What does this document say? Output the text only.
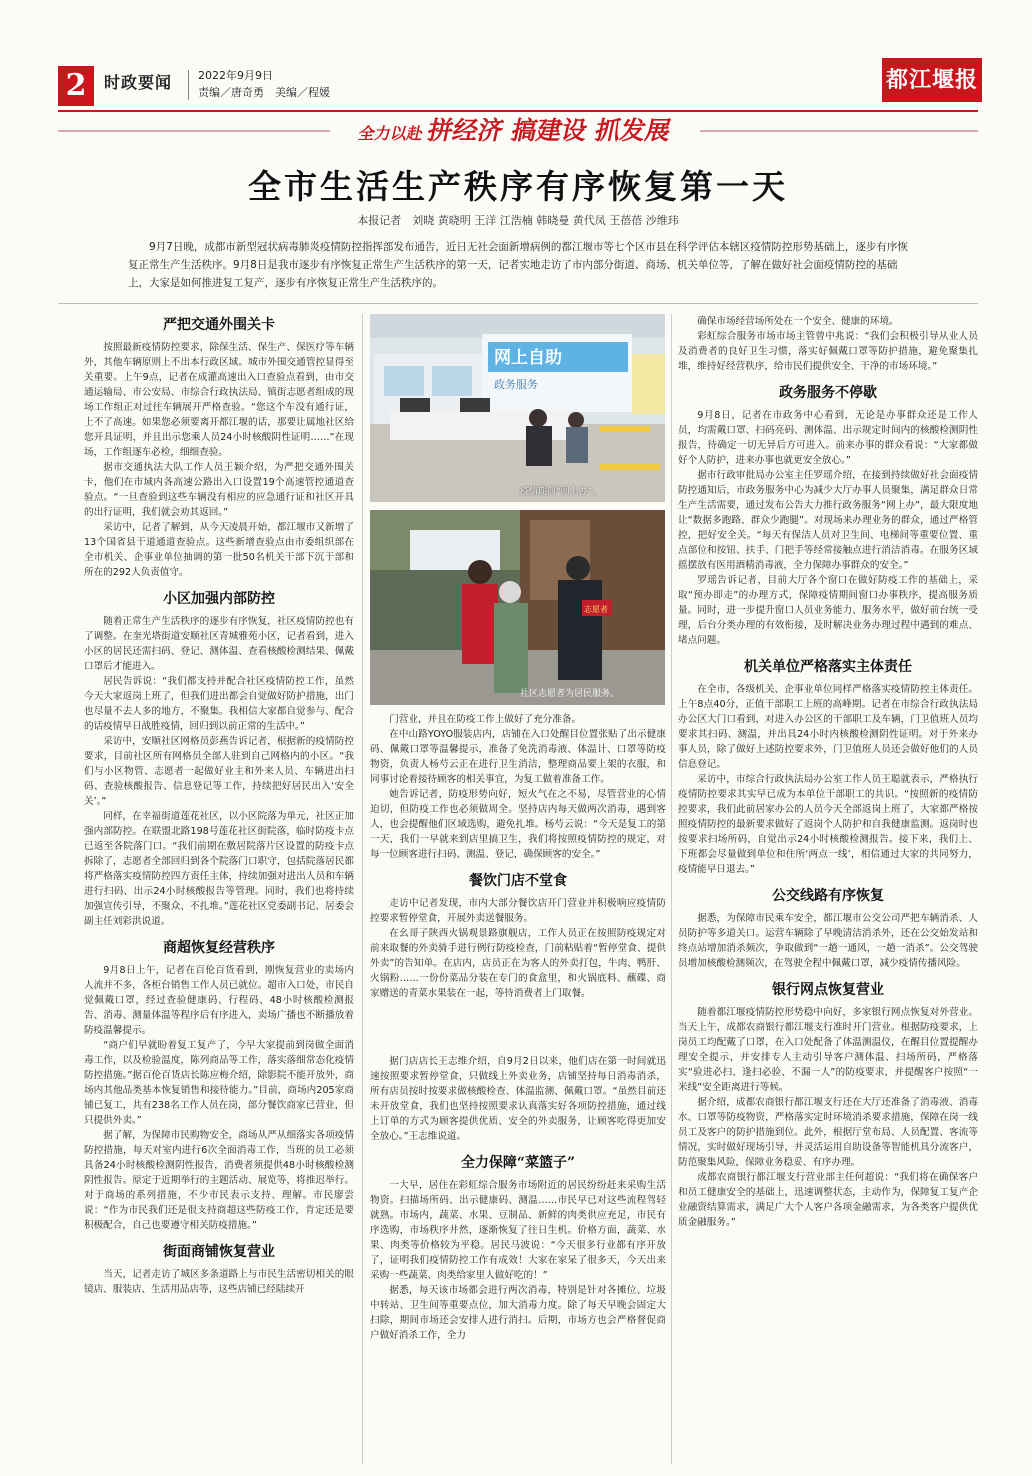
2	时政要闻 2022年9月9日
责编／唐奇勇　美编／程媛	都江堰报
全力以赴 拼经济 搞建设 抓发展
全市生活生产秩序有序恢复第一天
本报记者　刘晓 黄晓明 王洋 江浩楠 韩晓曼 黄代凤 王蓓蓓 沙维玮
9月7日晚，成都市新型冠状病毒肺炎疫情防控指挥部发布通告，近日无社会面新增病例的都江堰市等七个区市县在科学评估本辖区疫情防控形势基础上，逐步有序恢复正常生产生活秩序。9月8日是我市逐步有序恢复正常生产生活秩序的第一天，记者实地走访了市内部分街道、商场、机关单位等，了解在做好社会面疫情防控的基础上，大家是如何推进复工复产，逐步有序恢复正常生产生活秩序的。
网上自助
政务服务
疫情期间“网上办”。
志愿者
社区志愿者为居民服务。
严把交通外围关卡

按照最新疫情防控要求，除保生活、保生产、保医疗等车辆外，其他车辆原则上不出本行政区域。城市外围交通管控显得至关重要。上午9点，记者在成灌高速出入口查验点看到，由市交通运输局、市公安局、市综合行政执法局、镇街志愿者组成的现场工作组正对过往车辆展开严格查验。“您这个车没有通行证，上不了高速。如果您必须要离开都江堰的话，那要让属地社区给您开具证明，并且出示您乘人员24小时核酸阴性证明……”在现场，工作组逐车必检，细细查验。

据市交通执法大队工作人员王颖介绍，为严把交通外围关卡，他们在市域内各高速公路出入口设置19个高速管控通道查验点。“一旦查验到这些车辆没有相应的应急通行证和社区开具的出行证明，我们就会劝其返回。”

采访中，记者了解到，从今天凌晨开始，都江堰市又新增了13个国省县干道通道查验点。这些新增查验点由市委组织部在全市机关、企事业单位抽调的第一批50名机关干部下沉干部和所在的292人负责值守。

小区加强内部防控

随着正常生产生活秩序的逐步有序恢复，社区疫情防控也有了调整。在奎光塔街道安顺社区青城雅苑小区，记者看到，进入小区的居民还需扫码、登记、测体温、查看核酸检测结果、佩戴口罩后才能进入。

居民告诉说：“我们都支持并配合社区疫情防控工作，虽然今天大家返岗上班了，但我们进出都会自觉做好防护措施，出门也尽量不去人多的地方，不聚集。我相信大家都自觉参与、配合的话疫情早日战胜疫情，回归到以前正常的生活中。”

采访中，安顺社区网格员彭燕告诉记者，根据新的疫情防控要求，目前社区所有网格员全部人驻到自己网格内的小区。“我们与小区物管、志愿者一起做好业主和外来人员、车辆进出扫码、查验核酸报告、信息登记等工作，持续把好居民出入‘安全关’。”

同样，在幸福街道莲花社区，以小区院落为单元，社区正加强内部防控。在联盟北路198号莲花社区街院落，临时防疫卡点已返至各院落门口。“我们前期在敷居院落片区设置的防疫卡点拆除了，志愿者全部回归到各个院落门口职守，包括院落居民都将严格落实疫情防控四方责任主体，持续加强对进出人员和车辆进行扫码、出示24小时核酸报告等管理。同时，我们也将持续加强宣传引导，不聚众、不扎堆。”莲花社区党委副书记、居委会副主任刘彩洪说道。

商超恢复经营秩序

9月8日上午，记者在百伦百货看到，刚恢复营业的卖场内人流并不多，各柜台销售工作人员已就位。超市入口处，市民自觉佩戴口罩，经过查验健康码、行程码、48小时核酸检测报告、消毒、测量体温等程序后有序进入，卖场广播也不断播放着防疫温馨提示。

“商户们早就盼着复工复产了，今早大家提前到岗做全面消毒工作，以及检验温度，陈列商品等工作，落实落细常态化疫情防控措施。”据百伦百货店长陈应梅介绍，除影院不能开放外，商场内其他品类基本恢复销售和接待能力。”目前，商场内205家商铺已复工，共有238名工作人员在岗，部分餐饮商家已营业，但只提供外卖。”

据了解，为保障市民购物安全，商场从严从细落实各项疫情防控措施，每天对室内进行6次全面消毒工作，当班的员工必须具备24小时核酸检测阴性报告，消费者须提供48小时核酸检测阴性报告。原定于近期举行的主题活动、展览等，将推迟举行。对于商场的系列措施，不少市民表示支持、理解。市民廖尝说：“作为市民我们还是很支持商超这些防疫工作，肯定还是要积极配合，自己也要遵守相关防疫措施。”

街面商铺恢复营业

当天，记者走访了城区多条道路上与市民生活密切相关的眼镜店、服装店、生活用品店等，这些店铺已经陆续开

门营业，并且在防疫工作上做好了充分准备。

在中山路YOYO服装店内，店铺在入口处醒目位置张贴了出示健康码、佩戴口罩等温馨提示，准备了免洗消毒液、体温计、口罩等防疫物资，负责人杨芍云正在进行卫生消洁，整理商品要上架的衣服，和同事讨论着接待顾客的相关事宜，为复工做着准备工作。

她告诉记者，防疫形势向好，短火气在之不易，尽管营业的心情迫切，但防疫工作也必须做周全。坚持店内每天做两次消毒，遇到客人，也会提醒他们区域选购，避免扎堆。杨芍云说：“今天是复工的第一天，我们一早就来到店里搞卫生，我们将按照疫情防控的规定，对每一位顾客进行扫码、测温、登记，确保顾客的安全。”

餐饮门店不堂食

走访中记者发现，市内大部分餐饮店开门营业并积极响应疫情防控要求暂停堂食，开展外卖送餐服务。

在幺哥子陕西火锅观景路旗舰店，工作人员正在按照防疫规定对前来取餐的外卖骑手进行例行防疫检查，门前粘贴着“暂停堂食、提供外卖”的告知单。在店内，店员正在为客人的外卖打包，牛肉、鸭肝、火锅粉……一份份菜品分装在专门的食盒里，和火锅底料、蘸碟、商家赠送的青菜水果装在一起，等待消费者上门取餐。

据门店店长王志维介绍，自9月2日以来，他们店在第一时间就迅速按照要求暂停堂食，只做线上外卖业务，店铺坚持每日消毒消杀，所有店员按时按要求做核酸检查、体温监测、佩戴口罩。“虽然目前还未开放堂食，我们也坚持按照要求认真落实好各项防控措施，通过线上订单的方式为顾客提供优质、安全的外卖服务，让顾客吃得更加安全放心。”王志维说道。

全力保障“菜篮子”

一大早，居住在彩虹综合服务市场附近的居民纷纷赶来采购生活物资。扫描场所码、出示健康码、测温……市民早已对这些流程驾轻就熟。市场内，蔬菜、水果、豆制品、新鲜的肉类供应充足，市民有序选购，市场秩序井然，逐渐恢复了往日生机。价格方面，蔬菜、水果、肉类等价格较为平稳。居民马波说：“今天很多行业都有序开放了，证明我们疫情防控工作有成效！大家在家呆了很多天，今天出来采购一些蔬菜、肉类给家里人做好吃的！”

据悉，每天该市场都会进行两次消毒，特别是针对各摊位、垃圾中转站、卫生间等重要点位，加大消毒力度。除了每天早晚会固定大扫除，期间市场还会安排人进行消扫。后期，市场方也会严格督促商户做好消杀工作，全力

确保市场经营场所处在一个安全、健康的环境。

彩虹综合服务市场市场主管曾中兆说：“我们会积极引导从业人员及消费者的良好卫生习惯，落实好佩戴口罩等防护措施，避免聚集扎堆，维持好经营秩序，给市民们提供安全、干净的市场环境。”

政务服务不停歇

9月8日，记者在市政务中心看到，无论是办事群众还是工作人员，均需戴口罩、扫码亮码、测体温、出示规定时间内的核酸检测阴性报告，待确定一切无异后方可进入。前来办事的群众看说：“大家都做好个人防护，进来办事也就更安全放心。”

据市行政审批局办公室主任罗瑶介绍，在接到持续做好社会面疫情防控通知后，市政务服务中心为减少大厅办事人员聚集，满足群众日常生产生活需要，通过发布公告大力推行政务服务“网上办”，最大限度地让“数据多跑路、群众少跑腿”。对现场来办理业务的群众，通过严格管控，把好安全关。“每天有保洁人员对卫生间、电梯间等重要位置、重点部位和按钮、扶手、门把手等经常接触点进行消洁消毒。在服务区域摇摆放有医用酒精消毒液，全力保障办事群众的安全。”

罗瑶告诉记者，目前大厅各个窗口在做好防疫工作的基础上，采取“预办即走”的办理方式，保障疫情期间窗口办事秩序，提高服务质量。同时，进一步提升窗口人员业务能力、服务水平，做好前台统一受理，后台分类办理的有效衔接，及时解决业务办理过程中遇到的难点、堵点问题。

机关单位严格落实主体责任

在全市，各级机关、企事业单位同样严格落实疫情防控主体责任。上午8点40分，正值干部职工上班的高峰期。记者在市综合行政执法局办公区大门口看到，对进入办公区的干部职工及车辆，门卫值班人员均要求其扫码、测温，并出具24小时内核酸检测阴性证明。对于外来办事人员，除了做好上述防控要求外，门卫值班人员还会做好他们的人员信息登记。

采访中，市综合行政执法局办公室工作人员王聪就表示，严格执行疫情防控要求其实早已成为本单位干部职工的共识。“按照新的疫情防控要求，我们此前居家办公的人员今天全部返岗上班了，大家都严格按照疫情防控的最新要求做好了返岗个人防护和自我健康监测。返岗时也按要求扫场所码，自觉出示24小时核酸检测报告。接下来，我们上、下班都会尽量做到单位和住所‘两点一线’，相信通过大家的共同努力，疫情能早日退去。”

公交线路有序恢复

据悉，为保障市民乘车安全，都江堰市公交公司严把车辆消杀、人员防护等多道关口。运营车辆除了早晚清洁消杀外，还在公交始发站和终点站增加消杀频次，争取做到“一趟一通风，一趟一消杀”。公交驾驶员增加核酸检测频次，在驾驶全程中佩戴口罩，减少疫情传播风险。

银行网点恢复营业

随着都江堰疫情防控形势稳中向好，多家银行网点恢复对外营业。当天上午，成都农商银行都江堰支行准时开门营业。根据防疫要求，上岗员工均配戴了口罩，在入口处配备了体温测温仪，在醒目位置提醒办理安全提示，并安排专人主动引导客户测体温、扫场所码，严格落实“验进必扫、逢扫必验、不漏一人”的防疫要求，并提醒客户按照“一米线”安全距离进行等候。

据介绍，成都农商银行都江堰支行还在大厅还准备了消毒液、消毒水、口罩等防疫物资，严格落实定时环境消杀要求措施，保障在岗一线员工及客户的防护措施到位。此外，根据厅堂布局、人员配置、客流等情况，实时做好现场引导，并灵活运用自助设备等智能机具分流客户，防范聚集风险，保障业务稳妥、有序办理。

成都农商银行都江堰支行营业部主任何超说：“我们将在确保客户和员工健康安全的基础上，迅速调整状态，主动作为，保障复工复产企业融资结算需求，满足广大个人客户各项金融需求，为各类客户提供优质金融服务。”
